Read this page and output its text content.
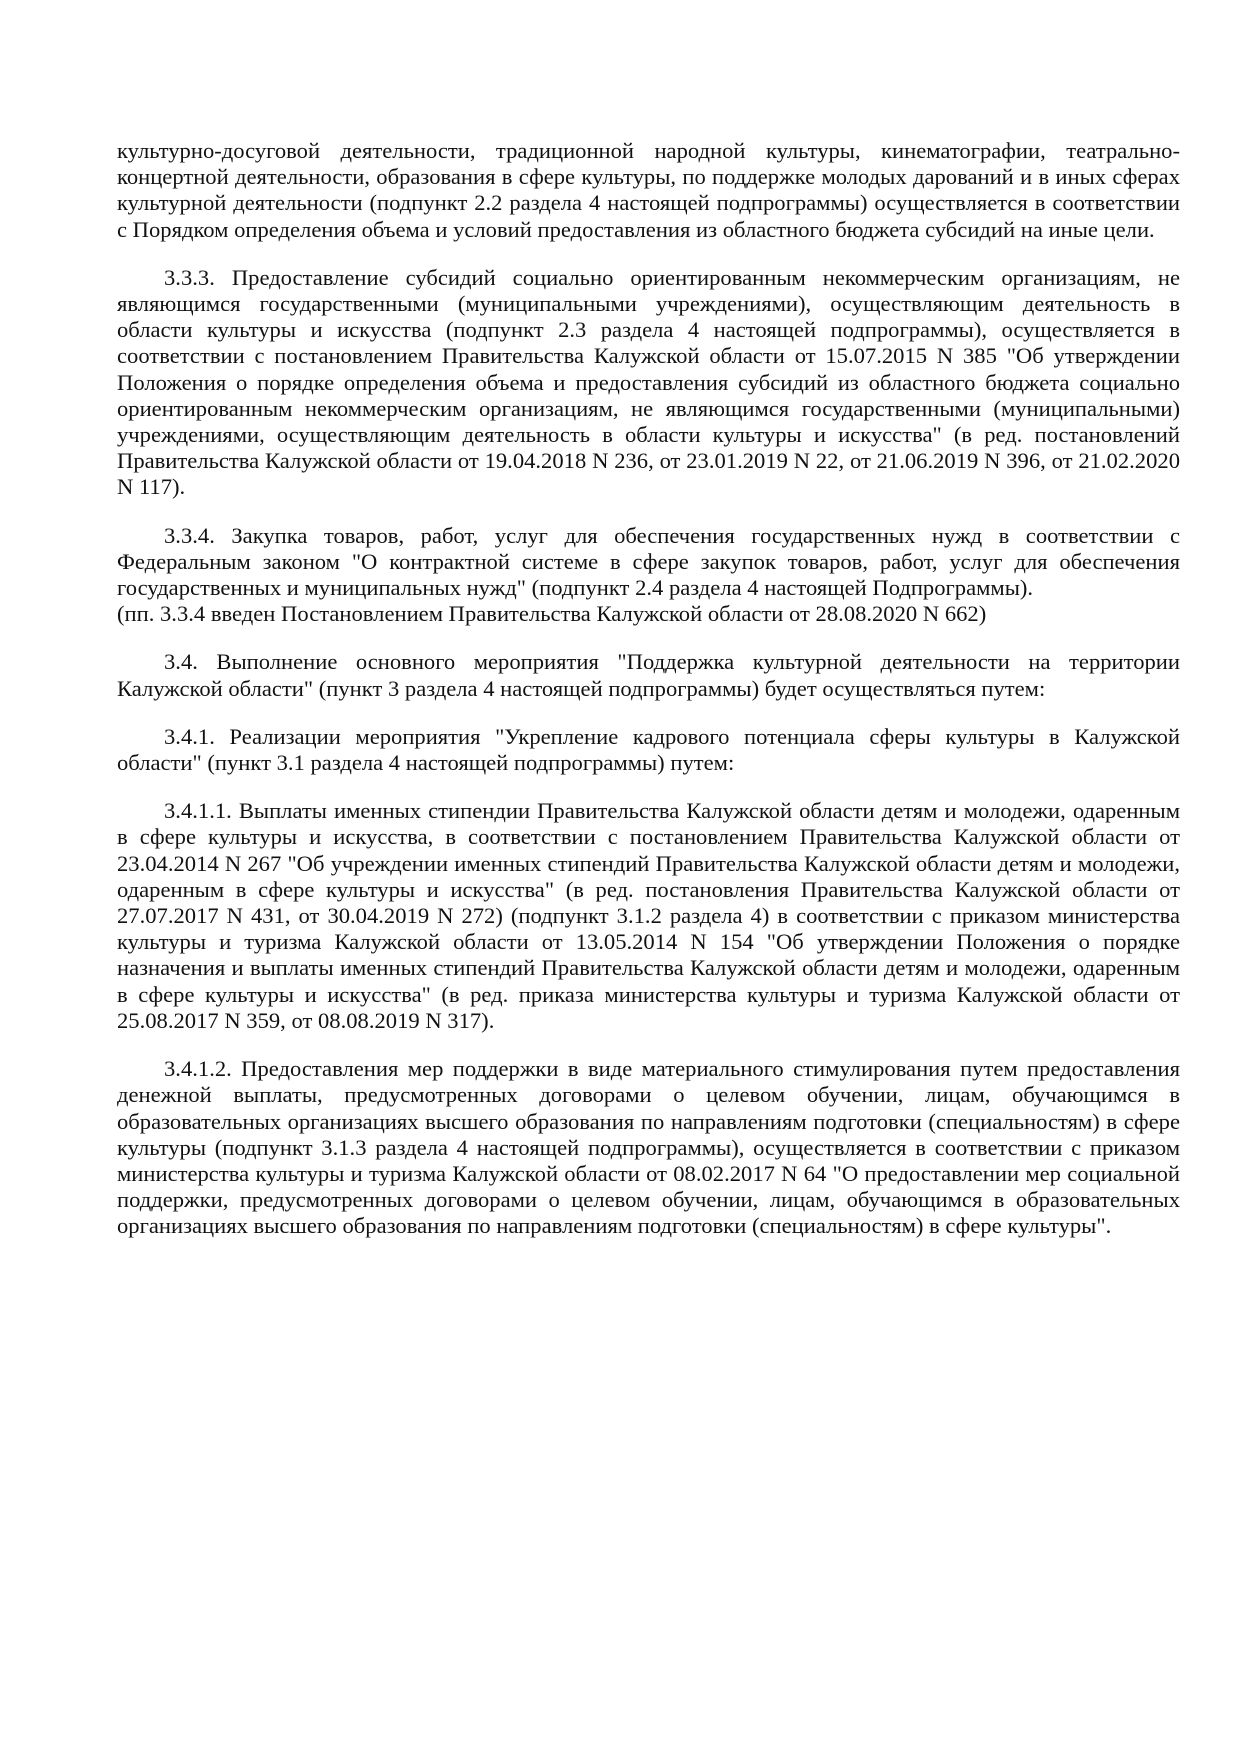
культурно-досуговой деятельности, традиционной народной культуры, кинематографии, театрально-концертной деятельности, образования в сфере культуры, по поддержке молодых дарований и в иных сферах культурной деятельности (подпункт 2.2 раздела 4 настоящей подпрограммы) осуществляется в соответствии с Порядком определения объема и условий предоставления из областного бюджета субсидий на иные цели.

3.3.3. Предоставление субсидий социально ориентированным некоммерческим организациям, не являющимся государственными (муниципальными учреждениями), осуществляющим деятельность в области культуры и искусства (подпункт 2.3 раздела 4 настоящей подпрограммы), осуществляется в соответствии с постановлением Правительства Калужской области от 15.07.2015 N 385 "Об утверждении Положения о порядке определения объема и предоставления субсидий из областного бюджета социально ориентированным некоммерческим организациям, не являющимся государственными (муниципальными) учреждениями, осуществляющим деятельность в области культуры и искусства" (в ред. постановлений Правительства Калужской области от 19.04.2018 N 236, от 23.01.2019 N 22, от 21.06.2019 N 396, от 21.02.2020 N 117).

3.3.4. Закупка товаров, работ, услуг для обеспечения государственных нужд в соответствии с Федеральным законом "О контрактной системе в сфере закупок товаров, работ, услуг для обеспечения государственных и муниципальных нужд" (подпункт 2.4 раздела 4 настоящей Подпрограммы).

(пп. 3.3.4 введен Постановлением Правительства Калужской области от 28.08.2020 N 662)

3.4. Выполнение основного мероприятия "Поддержка культурной деятельности на территории Калужской области" (пункт 3 раздела 4 настоящей подпрограммы) будет осуществляться путем:

3.4.1. Реализации мероприятия "Укрепление кадрового потенциала сферы культуры в Калужской области" (пункт 3.1 раздела 4 настоящей подпрограммы) путем:

3.4.1.1. Выплаты именных стипендии Правительства Калужской области детям и молодежи, одаренным в сфере культуры и искусства, в соответствии с постановлением Правительства Калужской области от 23.04.2014 N 267 "Об учреждении именных стипендий Правительства Калужской области детям и молодежи, одаренным в сфере культуры и искусства" (в ред. постановления Правительства Калужской области от 27.07.2017 N 431, от 30.04.2019 N 272) (подпункт 3.1.2 раздела 4) в соответствии с приказом министерства культуры и туризма Калужской области от 13.05.2014 N 154 "Об утверждении Положения о порядке назначения и выплаты именных стипендий Правительства Калужской области детям и молодежи, одаренным в сфере культуры и искусства" (в ред. приказа министерства культуры и туризма Калужской области от 25.08.2017 N 359, от 08.08.2019 N 317).

3.4.1.2. Предоставления мер поддержки в виде материального стимулирования путем предоставления денежной выплаты, предусмотренных договорами о целевом обучении, лицам, обучающимся в образовательных организациях высшего образования по направлениям подготовки (специальностям) в сфере культуры (подпункт 3.1.3 раздела 4 настоящей подпрограммы), осуществляется в соответствии с приказом министерства культуры и туризма Калужской области от 08.02.2017 N 64 "О предоставлении мер социальной поддержки, предусмотренных договорами о целевом обучении, лицам, обучающимся в образовательных организациях высшего образования по направлениям подготовки (специальностям) в сфере культуры".
